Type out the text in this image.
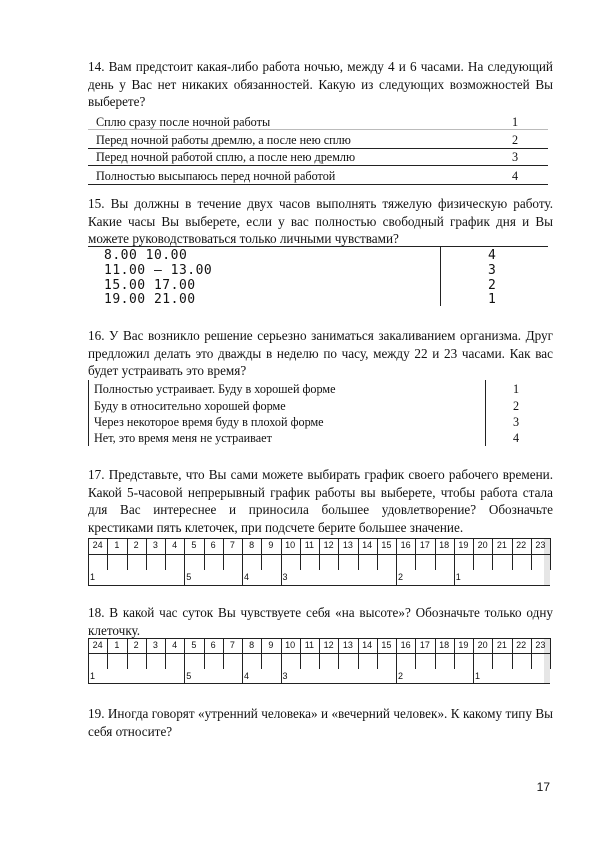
14. Вам предстоит какая-либо работа ночью, между 4 и 6 часами. На следующий день у Вас нет никаких обязанностей. Какую из следующих возможностей Вы выберете?
Сплю сразу после ночной работы	1
Перед ночной работы дремлю, а после нею сплю	2
Перед ночной работой сплю, а после нею дремлю	3
Полностью высыпаюсь перед ночной работой	4
15. Вы должны в течение двух часов выполнять тяжелую физическую работу. Какие часы Вы выберете, если у вас полностью свободный график дня и Вы можете руководствоваться только личными чувствами?
8.00 10.00	4
11.00 – 13.00	3
15.00 17.00	2
19.00 21.00	1
16. У Вас возникло решение серьезно заниматься закаливанием организма. Друг предложил делать это дважды в неделю по часу, между 22 и 23 часами. Как вас будет устраивать это время?
Полностью устраивает. Буду в хорошей форме	1
Буду в относительно хорошей форме	2
Через некоторое время буду в плохой форме	3
Нет, это время меня не устраивает	4
17. Представьте, что Вы сами можете выбирать график своего рабочего времени. Какой 5-часовой непрерывный график работы вы выберете, чтобы работа стала для Вас интереснее и приносила большее удовлетворение? Обозначьте крестиками пять клеточек, при подсчете берите большее значение.
24	1	2	3	4	5	6	7	8	9	10	11	12	13	14	15	16	17	18	19	20	21	22	23
1	5	4	3	2	1
18. В какой час суток Вы чувствуете себя «на высоте»? Обозначьте только одну клеточку.
24	1	2	3	4	5	6	7	8	9	10	11	12	13	14	15	16	17	18	19	20	21	22	23
1	5	4	3	2	1
19. Иногда говорят «утренний человека» и «вечерний человек». К какому типу Вы себя относите?
17
